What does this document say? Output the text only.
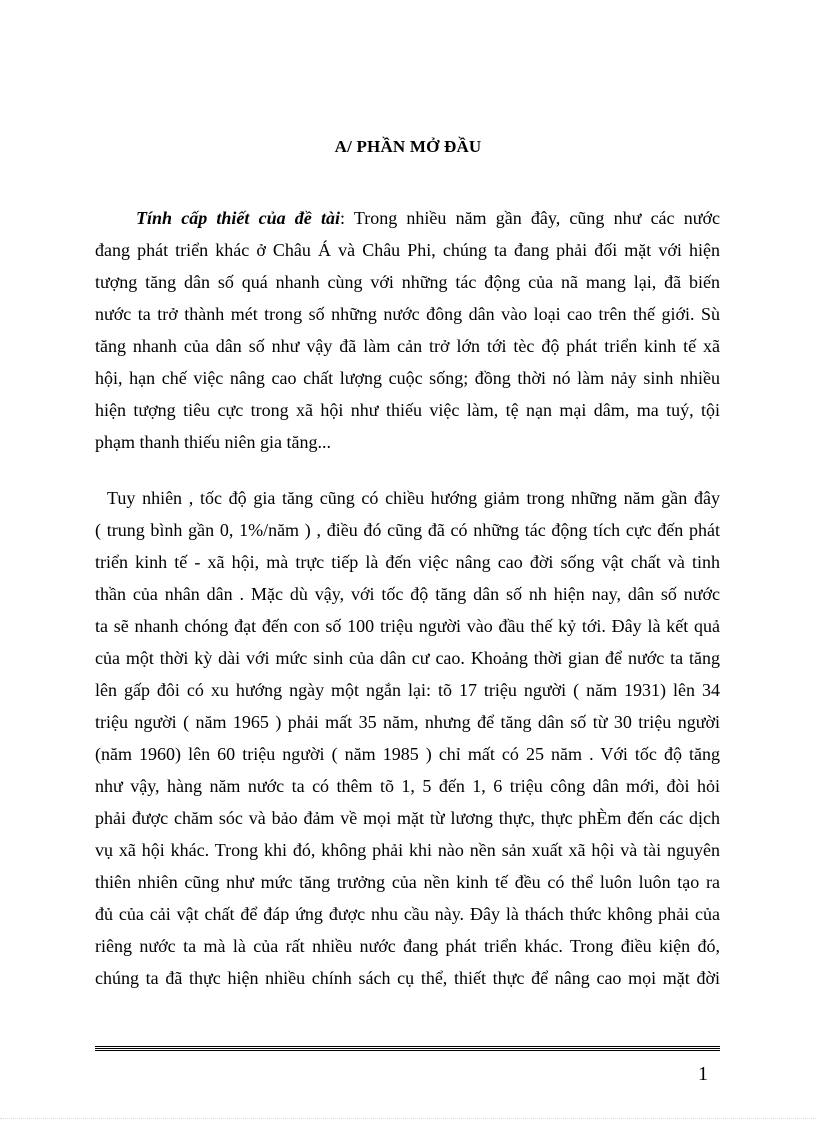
A/ PHẦN MỞ ĐẦU
Tính cấp thiết của đề tài: Trong nhiều năm gần đây, cũng như các nước
đang phát triển khác ở Châu Á và Châu Phi, chúng ta đang phải đối mặt với hiện
tượng tăng dân số quá nhanh cùng với những tác động của nã mang lại, đã biến
nước ta trở thành mét trong số những nước đông dân vào loại cao trên thế giới. Sù
tăng nhanh của dân số như vậy đã làm cản trở lớn tới tèc độ phát triển kinh tế xã
hội, hạn chế việc nâng cao chất lượng cuộc sống; đồng thời nó làm nảy sinh nhiều
hiện tượng tiêu cực trong xã hội như thiếu việc làm, tệ nạn mại dâm, ma tuý, tội
phạm thanh thiếu niên gia tăng...
Tuy nhiên , tốc độ gia tăng cũng có chiều hướng giảm trong những năm gần đây
( trung bình gần 0, 1%/năm ) , điều đó cũng đã có những tác động tích cực đến phát
triển kinh tế - xã hội, mà trực tiếp là đến việc nâng cao đời sống vật chất và tinh
thần của nhân dân . Mặc dù vậy, với tốc độ tăng dân số nh hiện nay, dân số nước
ta sẽ nhanh chóng đạt đến con số 100 triệu người vào đầu thế kỷ tới. Đây là kết quả
của một thời kỳ dài với mức sinh của dân cư cao. Khoảng thời gian để nước ta tăng
lên gấp đôi có xu hướng ngày một ngắn lại: tõ 17 triệu người ( năm 1931) lên 34
triệu người ( năm 1965 ) phải mất 35 năm, nhưng để tăng dân số từ 30 triệu người
(năm 1960) lên 60 triệu người ( năm 1985 ) chỉ mất có 25 năm . Với tốc độ tăng
như vậy, hàng năm nước ta có thêm tõ 1, 5 đến 1, 6 triệu công dân mới, đòi hỏi
phải được chăm sóc và bảo đảm về mọi mặt từ lương thực, thực phÈm đến các dịch
vụ xã hội khác. Trong khi đó, không phải khi nào nền sản xuất xã hội và tài nguyên
thiên nhiên cũng như mức tăng trưởng của nền kinh tế đều có thể luôn luôn tạo ra
đủ của cải vật chất để đáp ứng được nhu cầu này. Đây là thách thức không phải của
riêng nước ta mà là của rất nhiều nước đang phát triển khác. Trong điều kiện đó,
chúng ta đã thực hiện nhiều chính sách cụ thể, thiết thực để nâng cao mọi mặt đời
1
